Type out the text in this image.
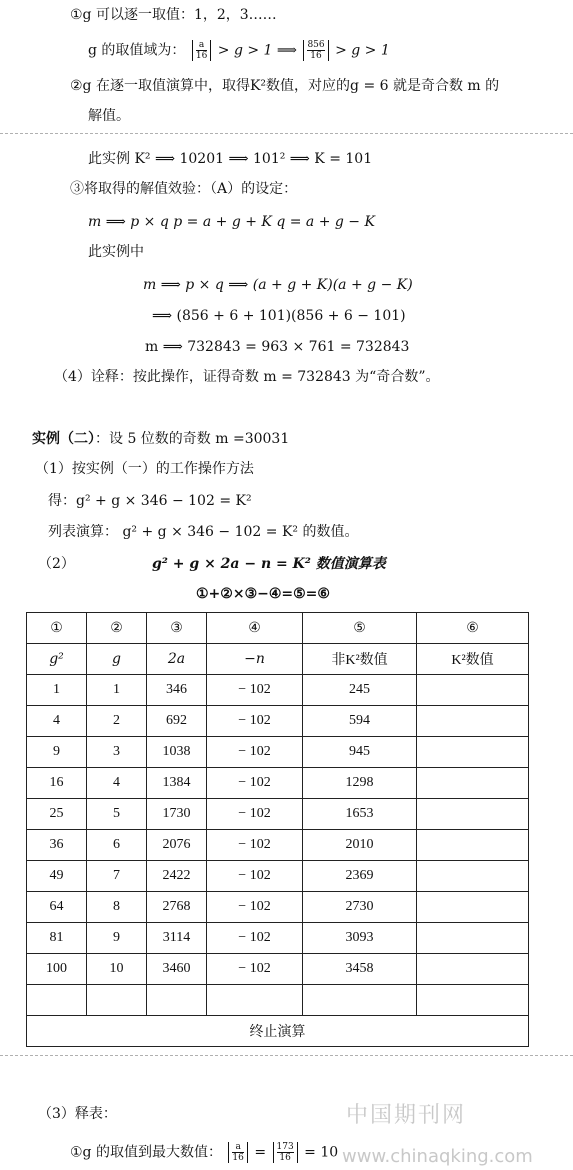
①g 可以逐一取值：1，2，3……
g 的取值域为： $\frac{a}{16} > g > 1$ ⟹ $\frac{856}{16} > g > 1$
②g 在逐一取值演算中，取得K²数值，对应的g = 6 就是奇合数 m 的
解值。
此实例 K² ⟹ 10201 ⟹ 101² ⟹ K = 101
③将取得的解值效验：（A）的设定：
m ⟹ p × q p = a + g + K q = a + g − K
此实例中
m ⟹ p × q ⟹ (a + g + K)(a + g − K)
⟹ (856 + 6 + 101)(856 + 6 − 101)
m ⟹ 732843 = 963 × 761 = 732843
（4）诠释：按此操作，证得奇数 m = 732843 为“奇合数”。
实例（二）：设 5 位数的奇数 m =30031
（1）按实例（一）的工作操作方法
得：g² + g × 346 − 102 = K²
列表演算： g² + g × 346 − 102 = K² 的数值。
（2）	g² + g × 2a − n = K² 数值演算表
①+②×③−④=⑤=⑥
①	②	③	④	⑤	⑥
g²	g	2a	−n	非K²数值	K²数值
1	1	346	− 102	245	
4	2	692	− 102	594	
9	3	1038	− 102	945	
16	4	1384	− 102	1298	
25	5	1730	− 102	1653	
36	6	2076	− 102	2010	
49	7	2422	− 102	2369	
64	8	2768	− 102	2730	
81	9	3114	− 102	3093	
100	10	3460	− 102	3458	

终止演算					
（3）释表：
①g 的取值到最大数值： $\frac{a}{16} = \frac{173}{16} = 10$
中国期刊网
www.chinaqking.com
